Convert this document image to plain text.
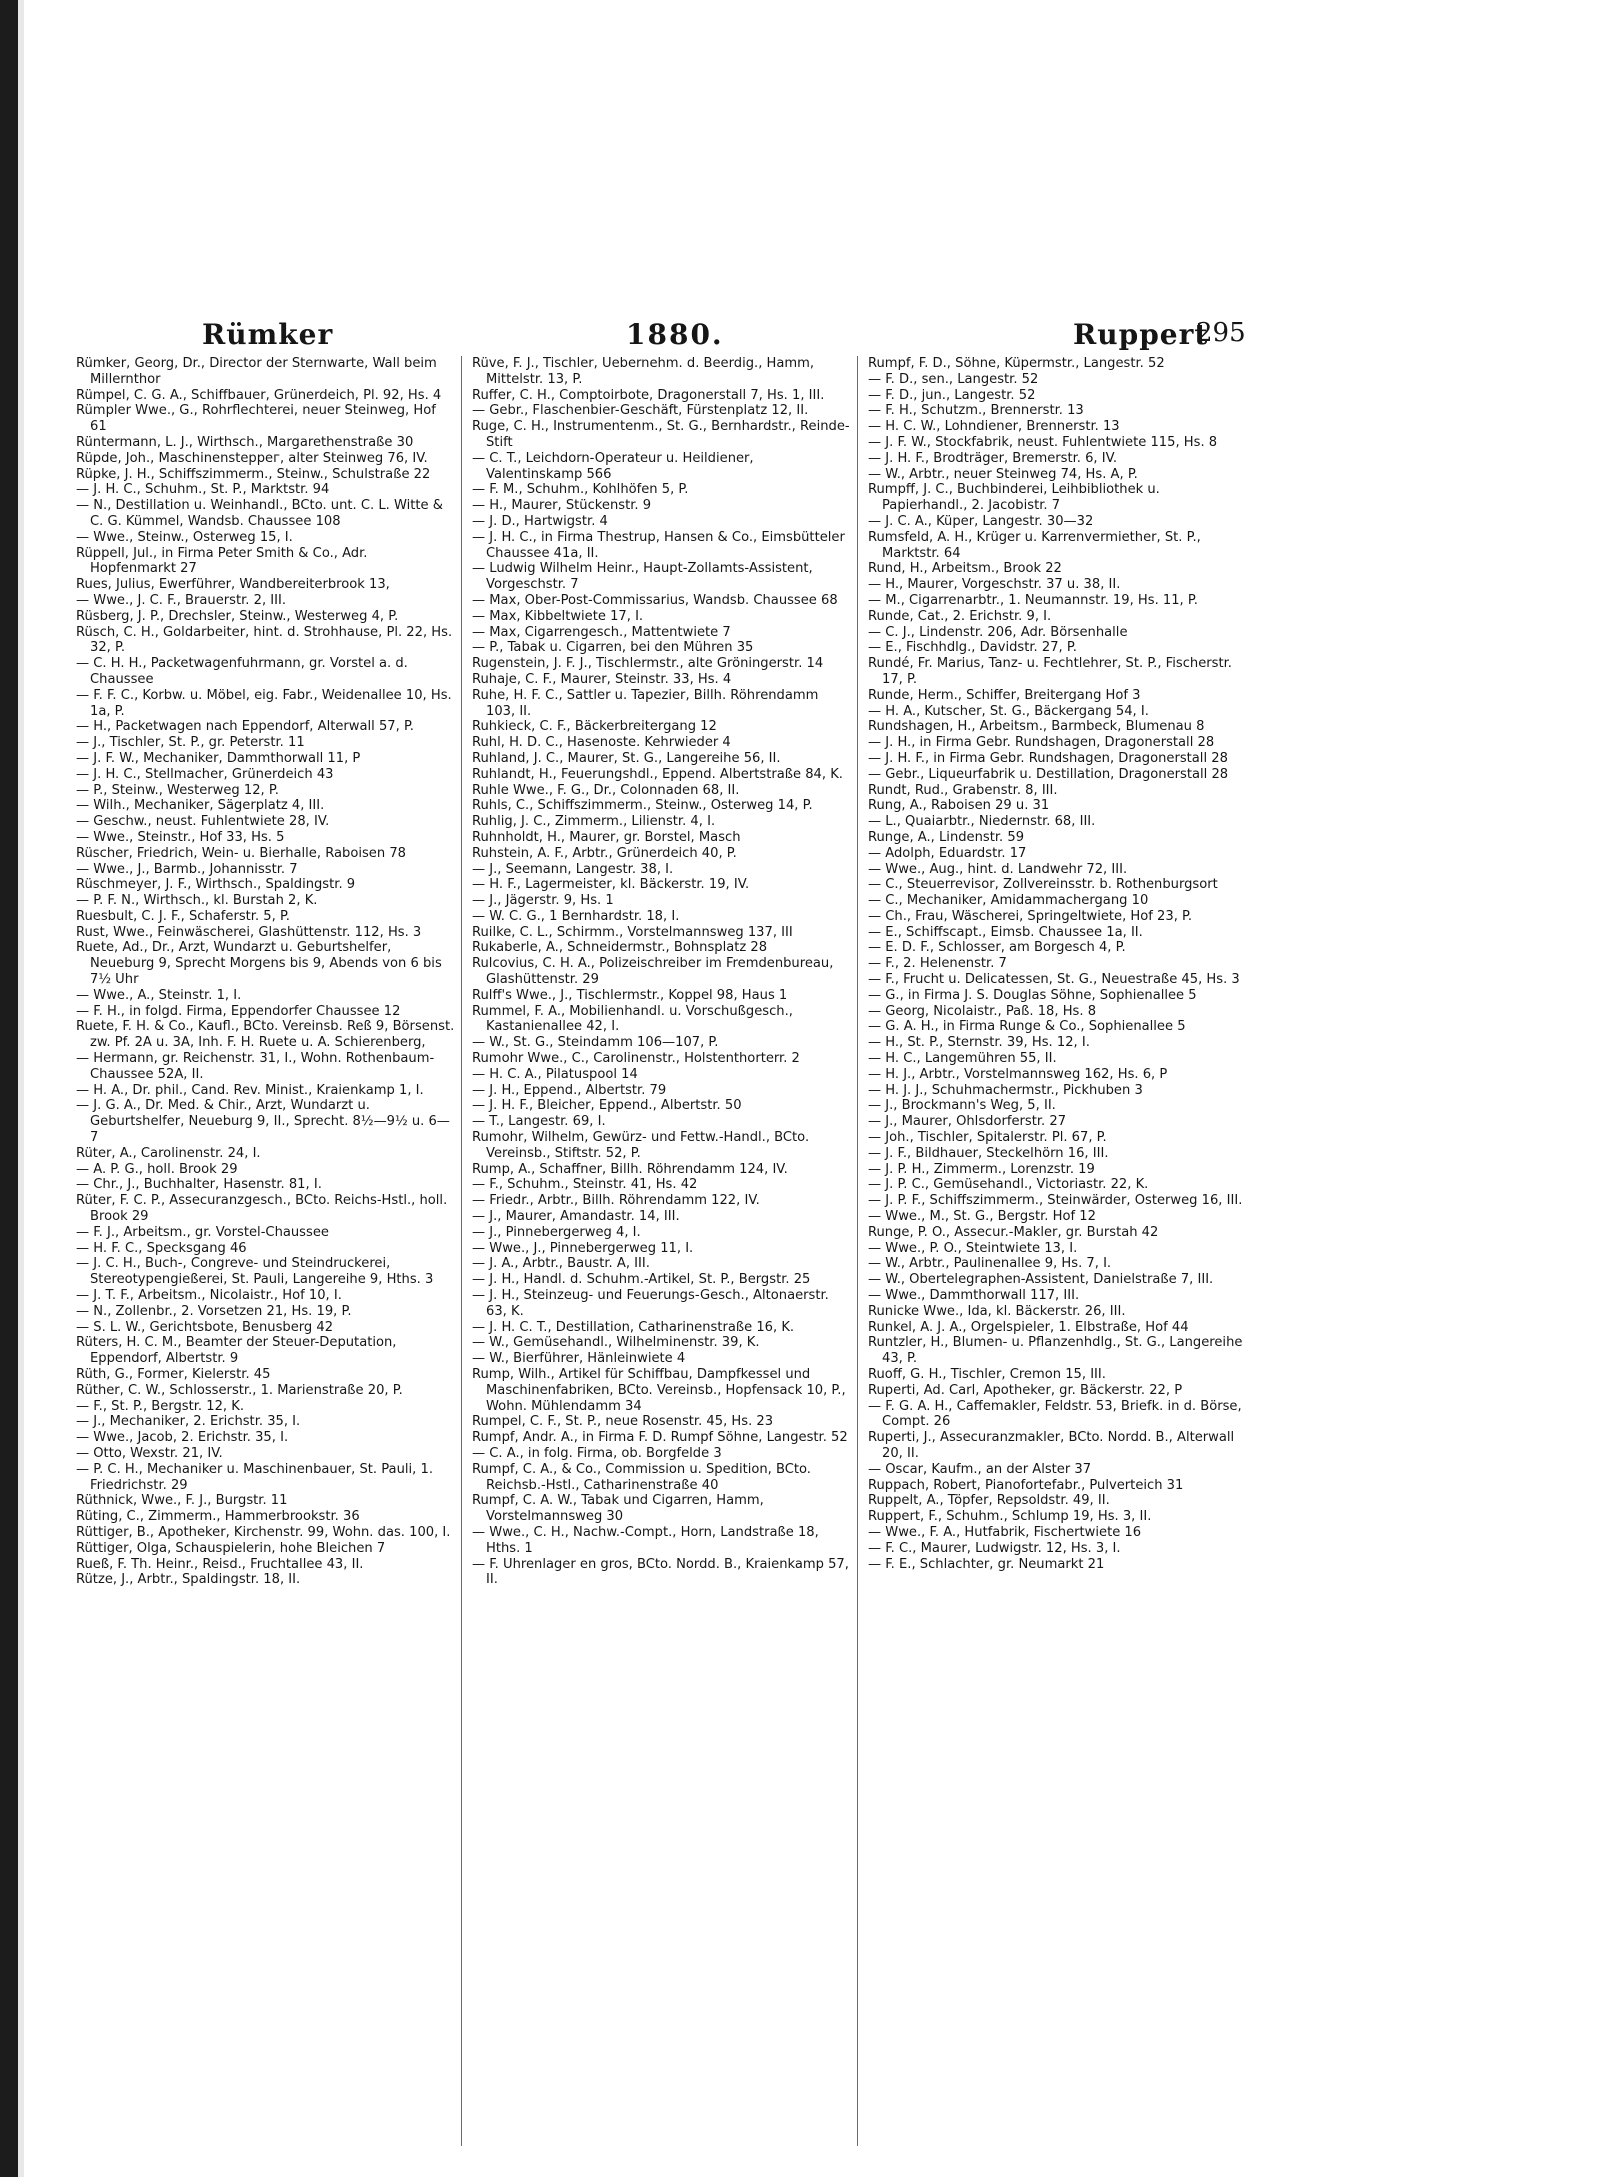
Rümker	1880.	Ruppert
295
Rümker, Georg, Dr., Director der Sternwarte, Wall beim Millernthor
Rümpel, C. G. A., Schiffbauer, Grünerdeich, Pl. 92, Hs. 4
Rümpler Wwe., G., Rohrflechterei, neuer Steinweg, Hof 61
Rüntermann, L. J., Wirthsch., Margarethenstraße 30
Rüpde, Joh., Maschinensteppег, alter Steinweg 76, IV.
Rüpke, J. H., Schiffszimmerm., Steinw., Schulstraße 22
— J. H. C., Schuhm., St. P., Marktstr. 94
— N., Destillation u. Weinhandl., BCto. unt. C. L. Witte & C. G. Kümmel, Wandsb. Chaussee 108
— Wwe., Steinw., Osterweg 15, I.
Rüppell, Jul., in Firma Peter Smith & Co., Adr. Hopfenmarkt 27
Rues, Julius, Ewerführer, Wandbereiterbrook 13,
— Wwe., J. C. F., Brauerstr. 2, III.
Rüsberg, J. P., Drechsler, Steinw., Westerweg 4, P.
Rüsch, C. H., Goldarbeiter, hint. d. Strohhause, Pl. 22, Hs. 32, P.
— C. H. H., Packetwagenfuhrmann, gr. Vorstel a. d. Chaussee
— F. F. C., Korbw. u. Möbel, eig. Fabr., Weidenallee 10, Hs. 1a, P.
— H., Packetwagen nach Eppendorf, Alterwall 57, P.
— J., Tischler, St. P., gr. Peterstr. 11
— J. F. W., Mechaniker, Dammthorwall 11, P
— J. H. C., Stellmacher, Grünerdeich 43
— P., Steinw., Westerweg 12, P.
— Wilh., Mechaniker, Sägerplatz 4, III.
— Geschw., neust. Fuhlentwiete 28, IV.
— Wwe., Steinstr., Hof 33, Hs. 5
Rüscher, Friedrich, Wein- u. Bierhalle, Raboisen 78
— Wwe., J., Barmb., Johannisstr. 7
Rüschmeyer, J. F., Wirthsch., Spaldingstr. 9
— P. F. N., Wirthsch., kl. Burstah 2, K.
Ruesbult, C. J. F., Schaferstr. 5, P.
Rust, Wwe., Feinwäscherei, Glashüttenstr. 112, Hs. 3
Ruete, Ad., Dr., Arzt, Wundarzt u. Geburtshelfer, Neueburg 9, Sprecht Morgens bis 9, Abends von 6 bis 7½ Uhr
— Wwe., A., Steinstr. 1, I.
— F. H., in folgd. Firma, Eppendorfer Chaussee 12
Ruete, F. H. & Co., Kaufl., BCto. Vereinsb. Reß 9, Börsenst. zw. Pf. 2A u. 3A, Inh. F. H. Ruete u. A. Schierenberg,
— Hermann, gr. Reichenstr. 31, I., Wohn. Rothenbaum-Chaussee 52A, II.
— H. A., Dr. phil., Cand. Rev. Minist., Kraienkamp 1, I.
— J. G. A., Dr. Med. & Chir., Arzt, Wundarzt u. Geburtshelfer, Neueburg 9, II., Sprecht. 8½—9½ u. 6—7
Rüter, A., Carolinenstr. 24, I.
— A. P. G., holl. Brook 29
— Chr., J., Buchhalter, Hasenstr. 81, I.
Rüter, F. C. P., Assecuranzgesch., BCto. Reichs-Hstl., holl. Brook 29
— F. J., Arbeitsm., gr. Vorstel-Chaussee
— H. F. C., Specksgang 46
— J. C. H., Buch-, Congreve- und Steindruckerei, Stereotypengießerei, St. Pauli, Langereihe 9, Hths. 3
— J. T. F., Arbeitsm., Nicolaistr., Hof 10, I.
— N., Zollenbr., 2. Vorsetzen 21, Hs. 19, P.
— S. L. W., Gerichtsbote, Benusberg 42
Rüters, H. C. M., Beamter der Steuer-Deputation, Eppendorf, Albertstr. 9
Rüth, G., Former, Kielerstr. 45
Rüther, C. W., Schlosserstr., 1. Marienstraße 20, P.
— F., St. P., Bergstr. 12, K.
— J., Mechaniker, 2. Erichstr. 35, I.
— Wwe., Jacob, 2. Erichstr. 35, I.
— Otto, Wexstr. 21, IV.
— P. C. H., Mechaniker u. Maschinenbauer, St. Pauli, 1. Friedrichstr. 29
Rüthnick, Wwe., F. J., Burgstr. 11
Rüting, C., Zimmerm., Hammerbrookstr. 36
Rüttiger, B., Apotheker, Kirchenstr. 99, Wohn. das. 100, I.
Rüttiger, Olga, Schauspielerin, hohe Bleichen 7
Rueß, F. Th. Heinr., Reisd., Fruchtallee 43, II.
Rütze, J., Arbtr., Spaldingstr. 18, II.
Rüve, F. J., Tischler, Uebernehm. d. Beerdig., Hamm, Mittelstr. 13, P.
Ruffer, C. H., Comptoirbote, Dragonerstall 7, Hs. 1, III.
— Gebr., Flaschenbier-Geschäft, Fürstenplatz 12, II.
Ruge, C. H., Instrumentenm., St. G., Bernhardstr., Reinde-Stift
— C. T., Leichdorn-Operateur u. Heildiener, Valentinskamp 566
— F. M., Schuhm., Kohlhöfen 5, P.
— H., Maurer, Stückenstr. 9
— J. D., Hartwigstr. 4
— J. H. C., in Firma Thestrup, Hansen & Co., Eimsbütteler Chaussee 41a, II.
— Ludwig Wilhelm Heinr., Haupt-Zollamts-Assistent, Vorgeschstr. 7
— Max, Ober-Post-Commissarius, Wandsb. Chaussee 68
— Max, Kibbeltwiete 17, I.
— Max, Cigarrengesch., Mattentwiete 7
— P., Tabak u. Cigarren, bei den Mühren 35
Rugenstein, J. F. J., Tischlermstr., alte Gröningerstr. 14
Ruhaje, C. F., Maurer, Steinstr. 33, Hs. 4
Ruhe, H. F. C., Sattler u. Tapezier, Billh. Röhrendamm 103, II.
Ruhkieck, C. F., Bäckerbreitergang 12
Ruhl, H. D. C., Hasenoste. Kehrwieder 4
Ruhland, J. C., Maurer, St. G., Langereihe 56, II.
Ruhlandt, H., Feuerungshdl., Eppend. Albertstraße 84, K.
Ruhle Wwe., F. G., Dr., Colonnaden 68, II.
Ruhls, C., Schiffszimmerm., Steinw., Osterweg 14, P.
Ruhlig, J. C., Zimmerm., Lilienstr. 4, I.
Ruhnholdt, H., Maurer, gr. Borstel, Masch
Ruhstein, A. F., Arbtr., Grünerdeich 40, P.
— J., Seemann, Langestr. 38, I.
— H. F., Lagermeister, kl. Bäckerstr. 19, IV.
— J., Jägerstr. 9, Hs. 1
— W. C. G., 1 Bernhardstr. 18, I.
Ruilke, C. L., Schirmm., Vorstelmannsweg 137, III
Rukaberle, A., Schneidermstr., Bohnsplatz 28
Rulcovius, C. H. A., Polizeischreiber im Fremdenbureau, Glashüttenstr. 29
Rulff's Wwe., J., Tischlermstr., Koppel 98, Haus 1
Rummel, F. A., Mobilienhandl. u. Vorschußgesch., Kastanienallee 42, I.
— W., St. G., Steindamm 106—107, P.
Rumohr Wwe., C., Carolinenstr., Holstenthorterr. 2
— H. C. A., Pilatuspool 14
— J. H., Eppend., Albertstr. 79
— J. H. F., Bleicher, Eppend., Albertstr. 50
— T., Langestr. 69, I.
Rumohr, Wilhelm, Gewürz- und Fettw.-Handl., BCto. Vereinsb., Stiftstr. 52, P.
Rump, A., Schaffner, Billh. Röhrendamm 124, IV.
— F., Schuhm., Steinstr. 41, Hs. 42
— Friedr., Arbtr., Billh. Röhrendamm 122, IV.
— J., Maurer, Amandastr. 14, III.
— J., Pinnebergerweg 4, I.
— Wwe., J., Pinnebergerweg 11, I.
— J. A., Arbtr., Baustr. A, III.
— J. H., Handl. d. Schuhm.-Artikel, St. P., Bergstr. 25
— J. H., Steinzeug- und Feuerungs-Gesch., Altonaerstr. 63, K.
— J. H. C. T., Destillation, Catharinenstraße 16, K.
— W., Gemüsehandl., Wilhelminenstr. 39, K.
— W., Bierführer, Hänleinwiete 4
Rump, Wilh., Artikel für Schiffbau, Dampfkessel und Maschinenfabriken, BCto. Vereinsb., Hopfensack 10, P., Wohn. Mühlendamm 34
Rumpel, C. F., St. P., neue Rosenstr. 45, Hs. 23
Rumpf, Andr. A., in Firma F. D. Rumpf Söhne, Langestr. 52
— C. A., in folg. Firma, ob. Borgfelde 3
Rumpf, C. A., & Co., Commission u. Spedition, BCto. Reichsb.-Hstl., Catharinenstraße 40
Rumpf, C. A. W., Tabak und Cigarren, Hamm, Vorstelmannsweg 30
— Wwe., C. H., Nachw.-Compt., Horn, Landstraße 18, Hths. 1
— F. Uhrenlager en gros, BCto. Nordd. B., Kraienkamp 57, II.
Rumpf, F. D., Söhne, Küpermstr., Langestr. 52
— F. D., sen., Langestr. 52
— F. D., jun., Langestr. 52
— F. H., Schutzm., Brennerstr. 13
— H. C. W., Lohndiener, Brennerstr. 13
— J. F. W., Stockfabrik, neust. Fuhlentwiete 115, Hs. 8
— J. H. F., Brodträger, Bremerstr. 6, IV.
— W., Arbtr., neuer Steinweg 74, Hs. A, P.
Rumpff, J. C., Buchbinderei, Leihbibliothek u. Papierhandl., 2. Jacobistr. 7
— J. C. A., Küper, Langestr. 30—32
Rumsfeld, A. H., Krüger u. Karrenvermiether, St. P., Marktstr. 64
Rund, H., Arbeitsm., Brook 22
— H., Maurer, Vorgeschstr. 37 u. 38, II.
— M., Cigarrenarbtr., 1. Neumannstr. 19, Hs. 11, P.
Runde, Cat., 2. Erichstr. 9, I.
— C. J., Lindenstr. 206, Adr. Börsenhalle
— E., Fischhdlg., Davidstr. 27, P.
Rundé, Fr. Marius, Tanz- u. Fechtlehrer, St. P., Fischerstr. 17, P.
Runde, Herm., Schiffer, Breitergang Hof 3
— H. A., Kutscher, St. G., Bäckergang 54, I.
Rundshagen, H., Arbeitsm., Barmbeck, Blumenau 8
— J. H., in Firma Gebr. Rundshagen, Dragonerstall 28
— J. H. F., in Firma Gebr. Rundshagen, Dragonerstall 28
— Gebr., Liqueurfabrik u. Destillation, Dragonerstall 28
Rundt, Rud., Grabenstr. 8, III.
Rung, A., Raboisen 29 u. 31
— L., Quaiarbtr., Niedernstr. 68, III.
Runge, A., Lindenstr. 59
— Adolph, Eduardstr. 17
— Wwe., Aug., hint. d. Landwehr 72, III.
— C., Steuerrevisor, Zollvereinsstr. b. Rothenburgsort
— C., Mechaniker, Amidammachergang 10
— Ch., Frau, Wäscherei, Springeltwiete, Hof 23, P.
— E., Schiffscapt., Eimsb. Chaussee 1a, II.
— E. D. F., Schlosser, am Borgesch 4, P.
— F., 2. Helenenstr. 7
— F., Frucht u. Delicatessen, St. G., Neuestraße 45, Hs. 3
— G., in Firma J. S. Douglas Söhne, Sophienallee 5
— Georg, Nicolaistr., Paß. 18, Hs. 8
— G. A. H., in Firma Runge & Co., Sophienallee 5
— H., St. P., Sternstr. 39, Hs. 12, I.
— H. C., Langemühren 55, II.
— H. J., Arbtr., Vorstelmannsweg 162, Hs. 6, P
— H. J. J., Schuhmachermstr., Pickhuben 3
— J., Brockmann's Weg, 5, II.
— J., Maurer, Ohlsdorferstr. 27
— Joh., Tischler, Spitalerstr. Pl. 67, P.
— J. F., Bildhauer, Steckelhörn 16, III.
— J. P. H., Zimmerm., Lorenzstr. 19
— J. P. C., Gemüsehandl., Victoriastr. 22, K.
— J. P. F., Schiffszimmerm., Steinwärder, Osterweg 16, III.
— Wwe., M., St. G., Bergstr. Hof 12
Runge, P. O., Assecur.-Makler, gr. Burstah 42
— Wwe., P. O., Steintwiete 13, I.
— W., Arbtr., Paulinenallee 9, Hs. 7, I.
— W., Obertelegraphen-Assistent, Danielstraße 7, III.
— Wwe., Dammthorwall 117, III.
Runicke Wwe., Ida, kl. Bäckerstr. 26, III.
Runkel, A. J. A., Orgelspieler, 1. Elbstraße, Hof 44
Runtzler, H., Blumen- u. Pflanzenhdlg., St. G., Langereihe 43, P.
Ruoff, G. H., Tischler, Cremon 15, III.
Ruperti, Ad. Carl, Apotheker, gr. Bäckerstr. 22, P
— F. G. A. H., Caffemakler, Feldstr. 53, Briefk. in d. Börse, Compt. 26
Ruperti, J., Assecuranzmakler, BCto. Nordd. B., Alterwall 20, II.
— Oscar, Kaufm., an der Alster 37
Ruppach, Robert, Pianofortefabr., Pulverteich 31
Ruppelt, A., Töpfer, Repsoldstr. 49, II.
Ruppert, F., Schuhm., Schlump 19, Hs. 3, II.
— Wwe., F. A., Hutfabrik, Fischertwiete 16
— F. C., Maurer, Ludwigstr. 12, Hs. 3, I.
— F. E., Schlachter, gr. Neumarkt 21
